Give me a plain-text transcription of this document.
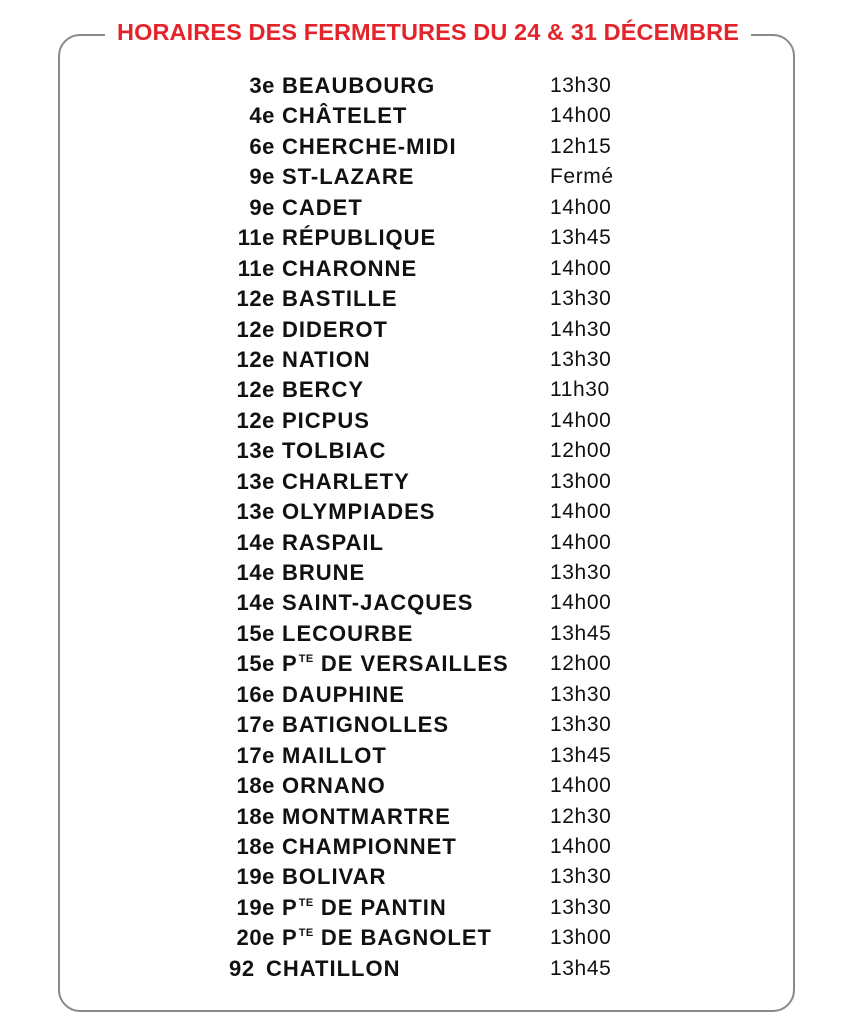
HORAIRES DES FERMETURES DU 24 & 31 DÉCEMBRE
3e BEAUBOURG	13h30
4e CHÂTELET	14h00
6e CHERCHE-MIDI	12h15
9e ST-LAZARE	Fermé
9e CADET	14h00
11e RÉPUBLIQUE	13h45
11e CHARONNE	14h00
12e BASTILLE	13h30
12e DIDEROT	14h30
12e NATION	13h30
12e BERCY	11h30
12e PICPUS	14h00
13e TOLBIAC	12h00
13e CHARLETY	13h00
13e OLYMPIADES	14h00
14e RASPAIL	14h00
14e BRUNE	13h30
14e SAINT-JACQUES	14h00
15e LECOURBE	13h45
15e $P^{TE}$ DE VERSAILLES 12h00
16e DAUPHINE	13h30
17e BATIGNOLLES	13h30
17e MAILLOT	13h45
18e ORNANO	14h00
18e MONTMARTRE	12h30
18e CHAMPIONNET	14h00
19e BOLIVAR	13h30
19e $P^{TE}$ DE PANTIN	13h30
20e $P^{TE}$ DE BAGNOLET	13h00
92 CHATILLON	13h45
